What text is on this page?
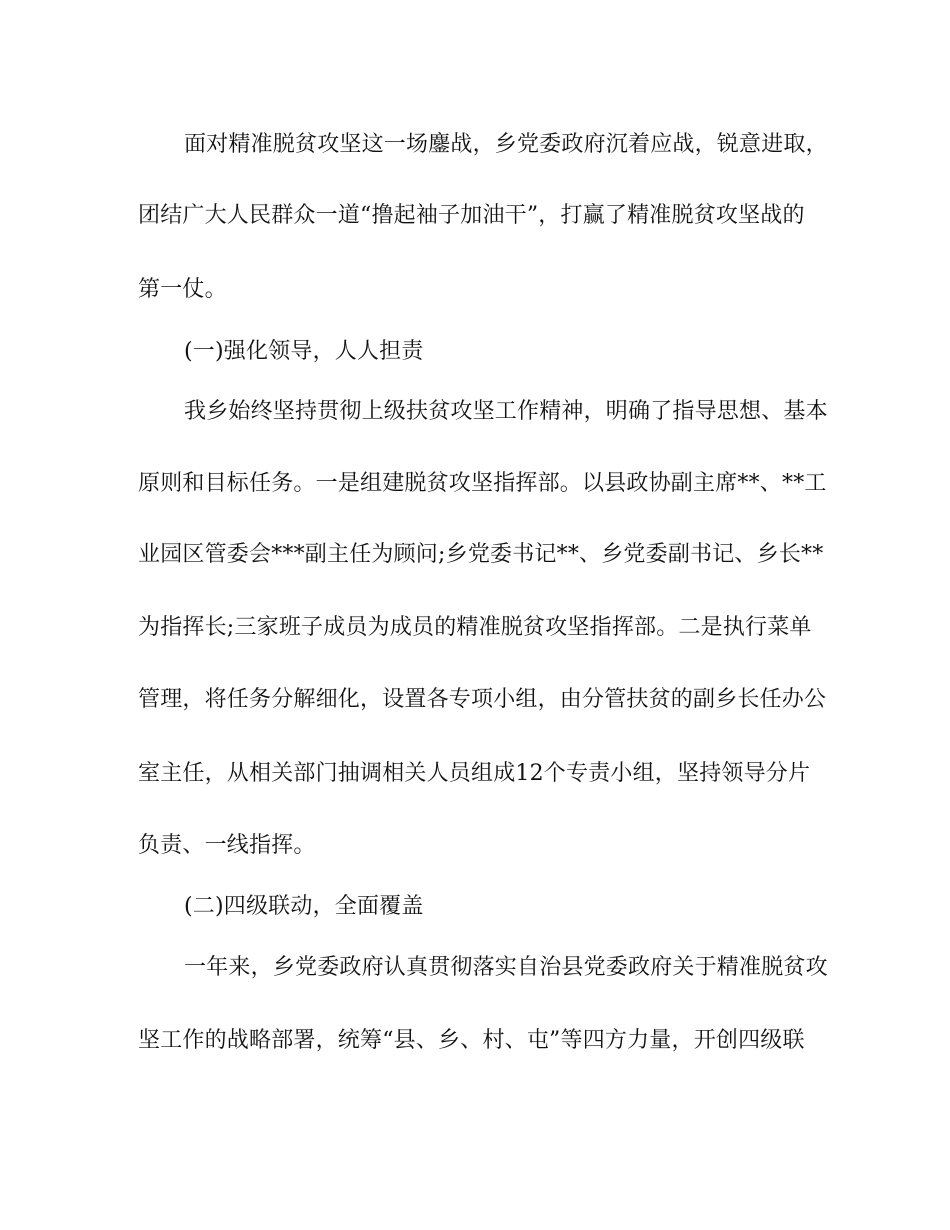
面对精准脱贫攻坚这一场鏖战，乡党委政府沉着应战，锐意进取，
团结广大人民群众一道“撸起袖子加油干”，打赢了精准脱贫攻坚战的
第一仗。
(一)强化领导，人人担责
我乡始终坚持贯彻上级扶贫攻坚工作精神，明确了指导思想、基本
原则和目标任务。一是组建脱贫攻坚指挥部。以县政协副主席**、**工
业园区管委会***副主任为顾问;乡党委书记**、乡党委副书记、乡长**
为指挥长;三家班子成员为成员的精准脱贫攻坚指挥部。二是执行菜单
管理，将任务分解细化，设置各专项小组，由分管扶贫的副乡长任办公
室主任，从相关部门抽调相关人员组成12个专责小组，坚持领导分片
负责、一线指挥。
(二)四级联动，全面覆盖
一年来，乡党委政府认真贯彻落实自治县党委政府关于精准脱贫攻
坚工作的战略部署，统筹“县、乡、村、屯”等四方力量，开创四级联
